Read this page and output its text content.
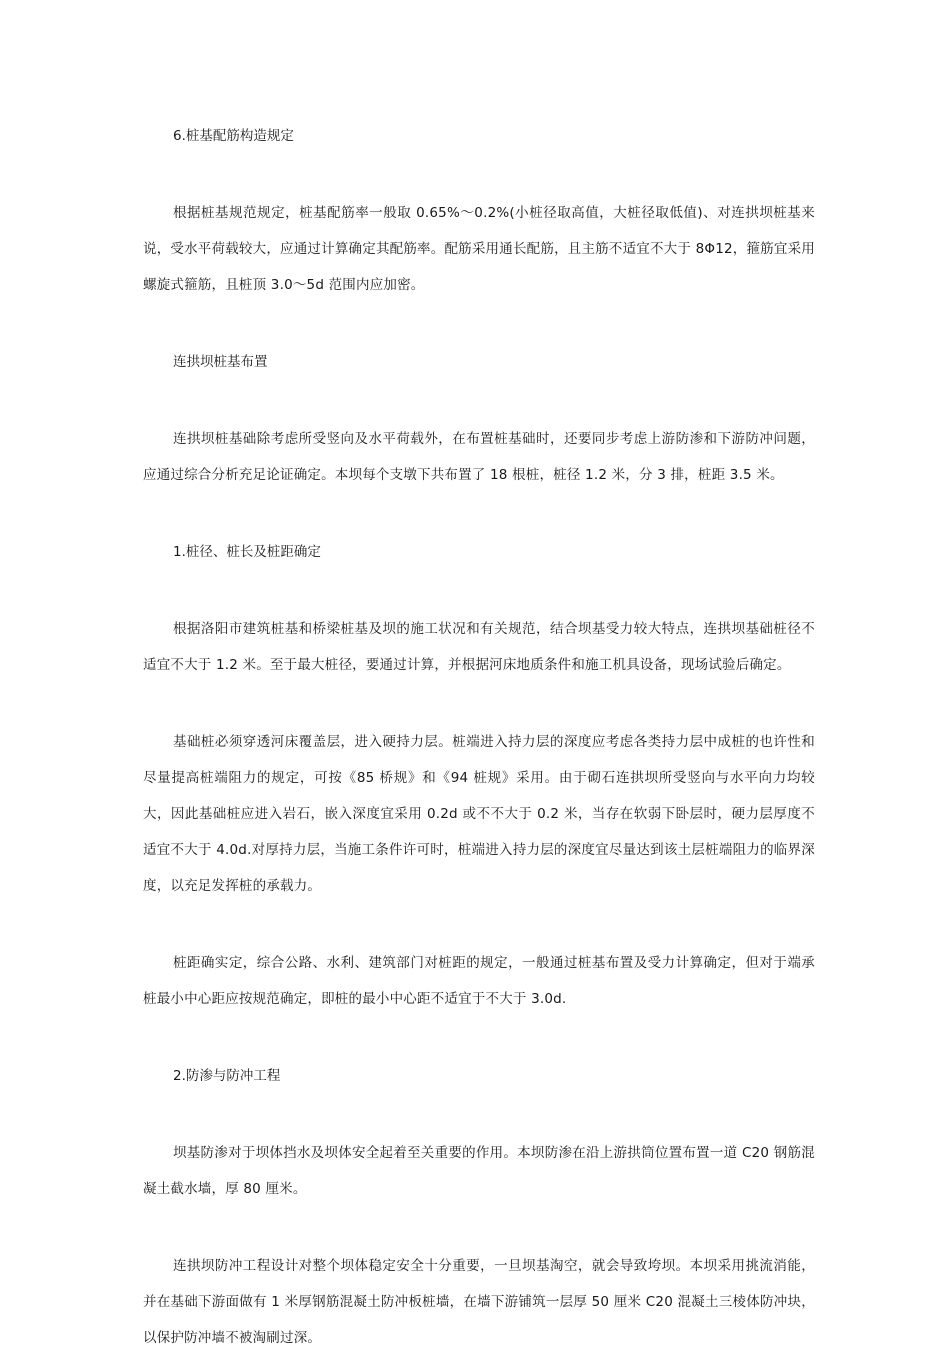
6.桩基配筋构造规定

根据桩基规范规定，桩基配筋率一般取 0.65%～0.2%(小桩径取高值，大桩径取低值)、对连拱坝桩基来说，受水平荷载较大，应通过计算确定其配筋率。配筋采用通长配筋，且主筋不适宜不大于 8Φ12，箍筋宜采用螺旋式箍筋，且桩顶 3.0～5d 范围内应加密。

连拱坝桩基布置

连拱坝桩基础除考虑所受竖向及水平荷载外，在布置桩基础时，还要同步考虑上游防渗和下游防冲问题，应通过综合分析充足论证确定。本坝每个支墩下共布置了 18 根桩，桩径 1.2 米，分 3 排，桩距 3.5 米。

1.桩径、桩长及桩距确定

根据洛阳市建筑桩基和桥梁桩基及坝的施工状况和有关规范，结合坝基受力较大特点，连拱坝基础桩径不适宜不大于 1.2 米。至于最大桩径，要通过计算，并根据河床地质条件和施工机具设备，现场试验后确定。

基础桩必须穿透河床覆盖层，进入硬持力层。桩端进入持力层的深度应考虑各类持力层中成桩的也许性和尽量提高桩端阻力的规定，可按《85 桥规》和《94 桩规》采用。由于砌石连拱坝所受竖向与水平向力均较大，因此基础桩应进入岩石，嵌入深度宜采用 0.2d 或不不大于 0.2 米，当存在软弱下卧层时，硬力层厚度不适宜不大于 4.0d.对厚持力层，当施工条件许可时，桩端进入持力层的深度宜尽量达到该土层桩端阻力的临界深度，以充足发挥桩的承载力。

桩距确实定，综合公路、水利、建筑部门对桩距的规定，一般通过桩基布置及受力计算确定，但对于端承桩最小中心距应按规范确定，即桩的最小中心距不适宜于不大于 3.0d.

2.防渗与防冲工程

坝基防渗对于坝体挡水及坝体安全起着至关重要的作用。本坝防渗在沿上游拱筒位置布置一道 C20 钢筋混凝土截水墙，厚 80 厘米。

连拱坝防冲工程设计对整个坝体稳定安全十分重要，一旦坝基淘空，就会导致垮坝。本坝采用挑流消能，并在基础下游面做有 1 米厚钢筋混凝土防冲板桩墙，在墙下游铺筑一层厚 50 厘米 C20 混凝土三棱体防冲块，以保护防冲墙不被淘刷过深。
